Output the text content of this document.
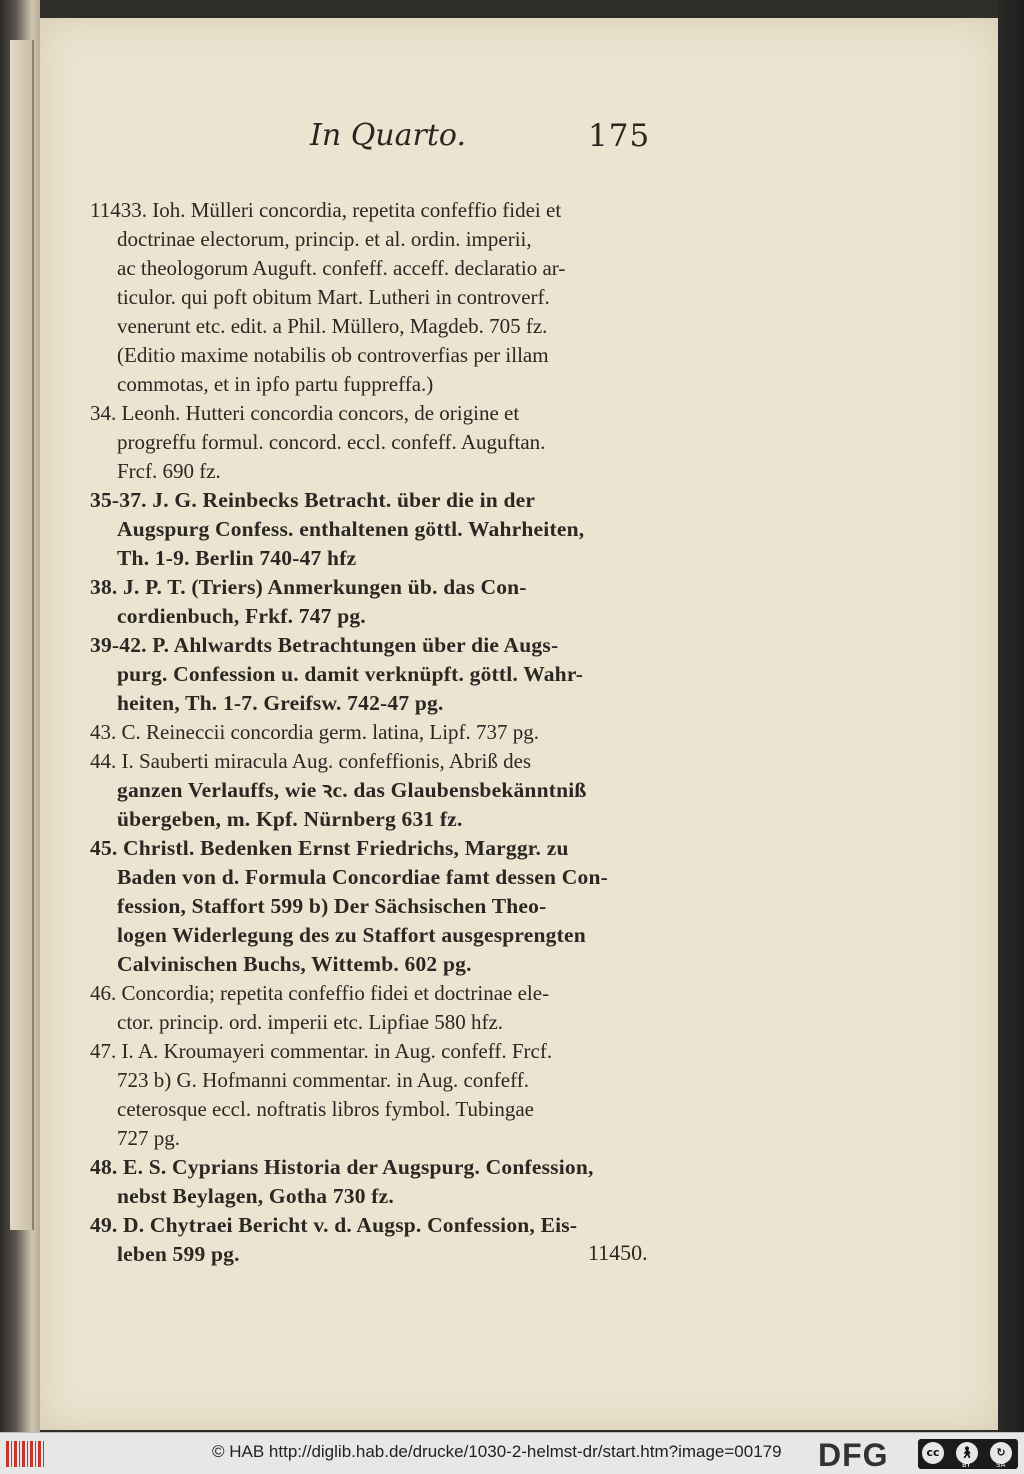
In Quarto.	175
11433. Ioh. Mülleri concordia, repetita confeffio fidei et
doctrinae electorum, princip. et al. ordin. imperii,
ac theologorum Auguft. confeff. acceff. declaratio ar-
ticulor. qui poft obitum Mart. Lutheri in controverf.
venerunt etc. edit. a Phil. Müllero, Magdeb. 705 fz.
(Editio maxime notabilis ob controverfias per illam
commotas, et in ipfo partu fuppreffa.)
34. Leonh. Hutteri concordia concors, de origine et
progreffu formul. concord. eccl. confeff. Auguftan.
Frcf. 690 fz.
35-37. J. G. Reinbecks Betracht. über die in der
Augspurg Confess. enthaltenen göttl. Wahrheiten,
Th. 1-9. Berlin 740-47 hfz
38. J. P. T. (Triers) Anmerkungen üb. das Con-
cordienbuch, Frkf. 747 pg.
39-42. P. Ahlwardts Betrachtungen über die Augs-
purg. Confession u. damit verknüpft. göttl. Wahr-
heiten, Th. 1-7. Greifsw. 742-47 pg.
43. C. Reineccii concordia germ. latina, Lipf. 737 pg.
44. I. Sauberti miracula Aug. confeffionis, Abriß des
ganzen Verlauffs, wie ꝛc. das Glaubensbekänntniß
übergeben, m. Kpf. Nürnberg 631 fz.
45. Christl. Bedenken Ernst Friedrichs, Marggr. zu
Baden von d. Formula Concordiae famt dessen Con-
fession, Staffort 599 b) Der Sächsischen Theo-
logen Widerlegung des zu Staffort ausgesprengten
Calvinischen Buchs, Wittemb. 602 pg.
46. Concordia; repetita confeffio fidei et doctrinae ele-
ctor. princip. ord. imperii etc. Lipfiae 580 hfz.
47. I. A. Kroumayeri commentar. in Aug. confeff. Frcf.
723 b) G. Hofmanni commentar. in Aug. confeff.
ceterosque eccl. noftratis libros fymbol. Tubingae
727 pg.
48. E. S. Cyprians Historia der Augspurg. Confession,
nebst Beylagen, Gotha 730 fz.
49. D. Chytraei Bericht v. d. Augsp. Confession, Eis-
leben 599 pg.	11450.
© HAB http://diglib.hab.de/drucke/1030-2-helmst-dr/start.htm?image=00179 DFG	cc	🚶︎	↻
BY	SA
